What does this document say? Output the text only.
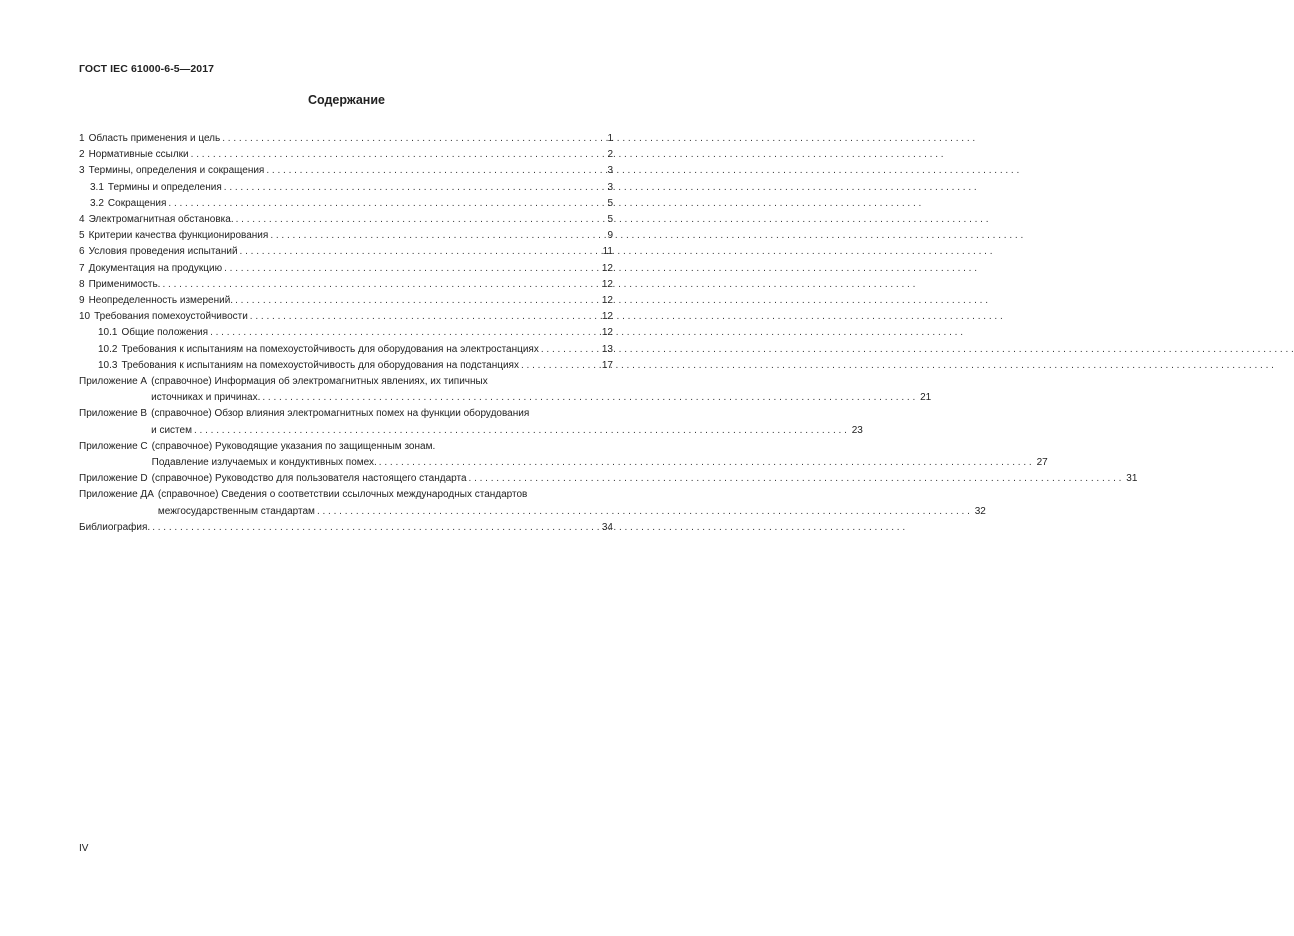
ГОСТ IEC 61000-6-5—2017
Содержание
1 Область применения и цель . . .	1
2 Нормативные ссылки . . .	2
3 Термины, определения и сокращения . . .	3
3.1 Термины и определения . . .	3
3.2 Сокращения . . .	5
4 Электромагнитная обстановка. . . .	5
5 Критерии качества функционирования . . .	9
6 Условия проведения испытаний . . .	11
7 Документация на продукцию . . .	12
8 Применимость. . . .	12
9 Неопределенность измерений. . . .	12
10 Требования помехоустойчивости . . .	12
10.1 Общие положения . . .	12
10.2 Требования к испытаниям на помехоустойчивость для оборудования на электростанциях . . .	13
10.3 Требования к испытаниям на помехоустойчивость для оборудования на подстанциях . . .	17
Приложение А (справочное) Информация об электромагнитных явлениях, их типичных
источниках и причинах. . . .	21
Приложение В (справочное) Обзор влияния электромагнитных помех на функции оборудования
и систем . . .	23
Приложение С (справочное) Руководящие указания по защищенным зонам.
Подавление излучаемых и кондуктивных помех. . . .	27
Приложение D (справочное) Руководство для пользователя настоящего стандарта . . .	31
Приложение ДА (справочное) Сведения о соответствии ссылочных международных стандартов
межгосударственным стандартам . . .	32
Библиография. . . .	34
IV
